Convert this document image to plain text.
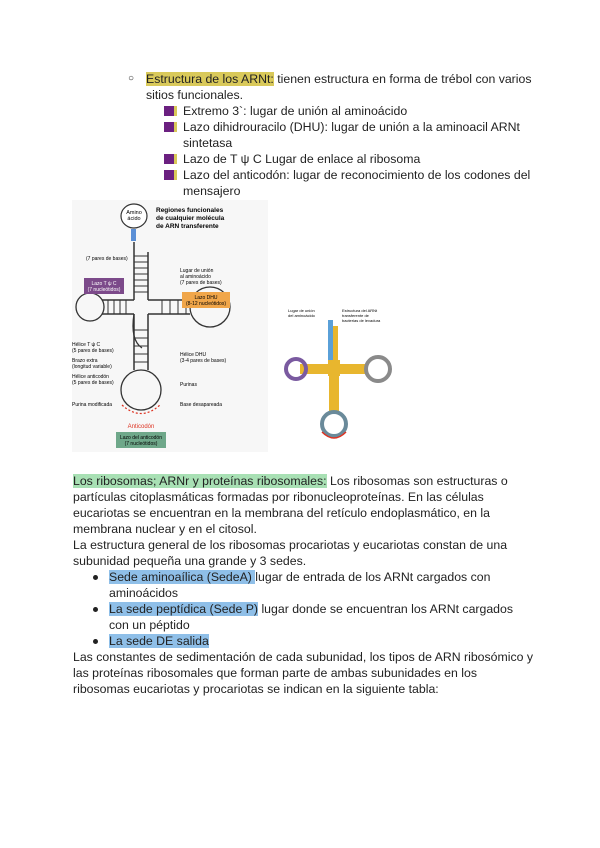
○ Estructura de los ARNt: tienen estructura en forma de trébol con varios
sitios funcionales.
Extremo 3`: lugar de unión al aminoácido
Lazo dihidrouracilo (DHU): lugar de unión a la aminoacil ARNt
sintetasa
Lazo de T ψ C Lugar de enlace al ribosoma
Lazo del anticodón: lugar de reconocimiento de los codones del
mensajero
Amino
ácido
Regiones funcionales
de cualquier molécula
de ARN transferente
(7 pares de bases)
Lazo T ψ C
(7 nucleótidos)
Lugar de unión
al aminoácido
(7 pares de bases)
Lazo DHU
(8-12 nucleótidos)
Hélice T ψ C
(5 pares de bases)
Brazo extra
(longitud variable)
Hélice DHU
(3-4 pares de bases)
Hélice anticodón
(5 pares de bases)	Purinas
Purina modificada	Base desapareada
Anticodón
Lazo del anticodón
(7 nucleótidos)
Lugar de unión
del aminoácido
Estructura del ARNt
transferente de
bacterias de levadura
Los ribosomas; ARNr y proteínas ribosomales: Los ribosomas son estructuras o
partículas citoplasmáticas formadas por ribonucleoproteínas. En las células
eucariotas se encuentran en la membrana del retículo endoplasmático, en la
membrana nuclear y en el citosol.
La estructura general de los ribosomas procariotas y eucariotas constan de una
subunidad pequeña una grande y 3 sedes.
Sede aminoaílica (SedeA) lugar de entrada de los ARNt cargados con
aminoácidos
La sede peptídica (Sede P) lugar donde se encuentran los ARNt cargados
con un péptido
La sede DE salida
Las constantes de sedimentación de cada subunidad, los tipos de ARN ribosómico y
las proteínas ribosomales que forman parte de ambas subunidades en los
ribosomas eucariotas y procariotas se indican en la siguiente tabla:
